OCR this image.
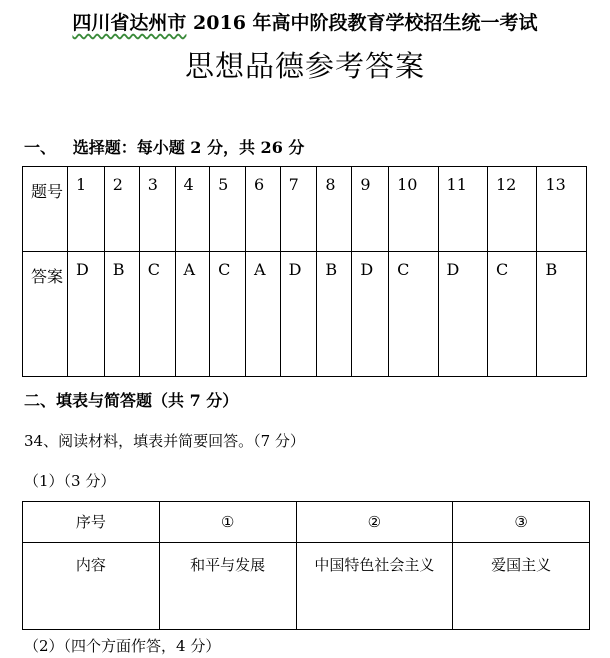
四川省达州市 2016 年高中阶段教育学校招生统一考试
思想品德参考答案
一、   选择题：每小题 2 分，共 26 分
题号	1	2	3	4	5	6	7	8	9	10	11	12	13
答案	D	B	C	A	C	A	D	B	D	C	D	C	B
二、填表与简答题（共 7 分）
34、阅读材料，填表并简要回答。（7 分）
（1）（3 分）
序号	①	②	③
内容	和平与发展	中国特色社会主义	爱国主义
（2）（四个方面作答，4 分）
